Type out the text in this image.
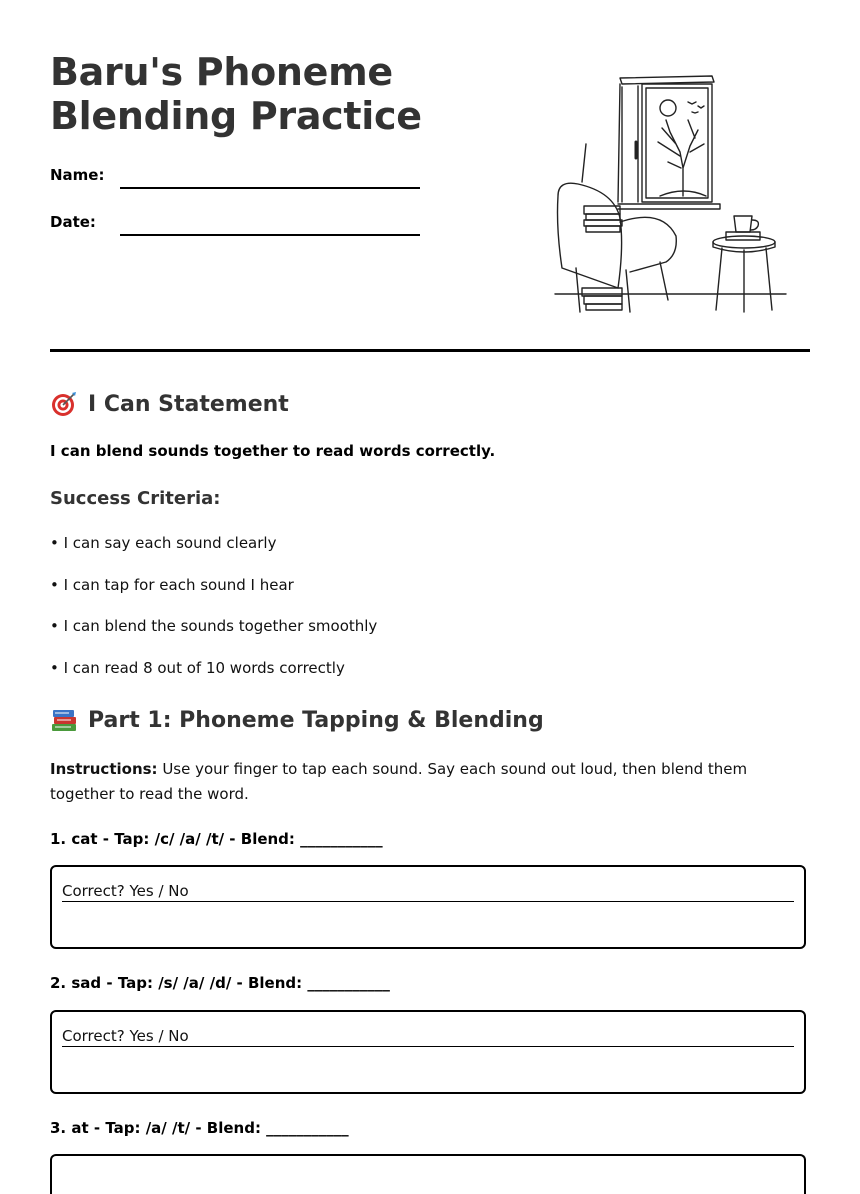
Baru's Phoneme
Blending Practice
Name:
Date:
I Can Statement
I can blend sounds together to read words correctly.
Success Criteria:
• I can say each sound clearly
• I can tap for each sound I hear
• I can blend the sounds together smoothly
• I can read 8 out of 10 words correctly
Part 1: Phoneme Tapping & Blending
Instructions: Use your finger to tap each sound. Say each sound out loud, then blend them together to read the word.
1. cat - Tap: /c/ /a/ /t/ - Blend: ___________
Correct? Yes / No
2. sad - Tap: /s/ /a/ /d/ - Blend: ___________
Correct? Yes / No
3. at - Tap: /a/ /t/ - Blend: ___________
